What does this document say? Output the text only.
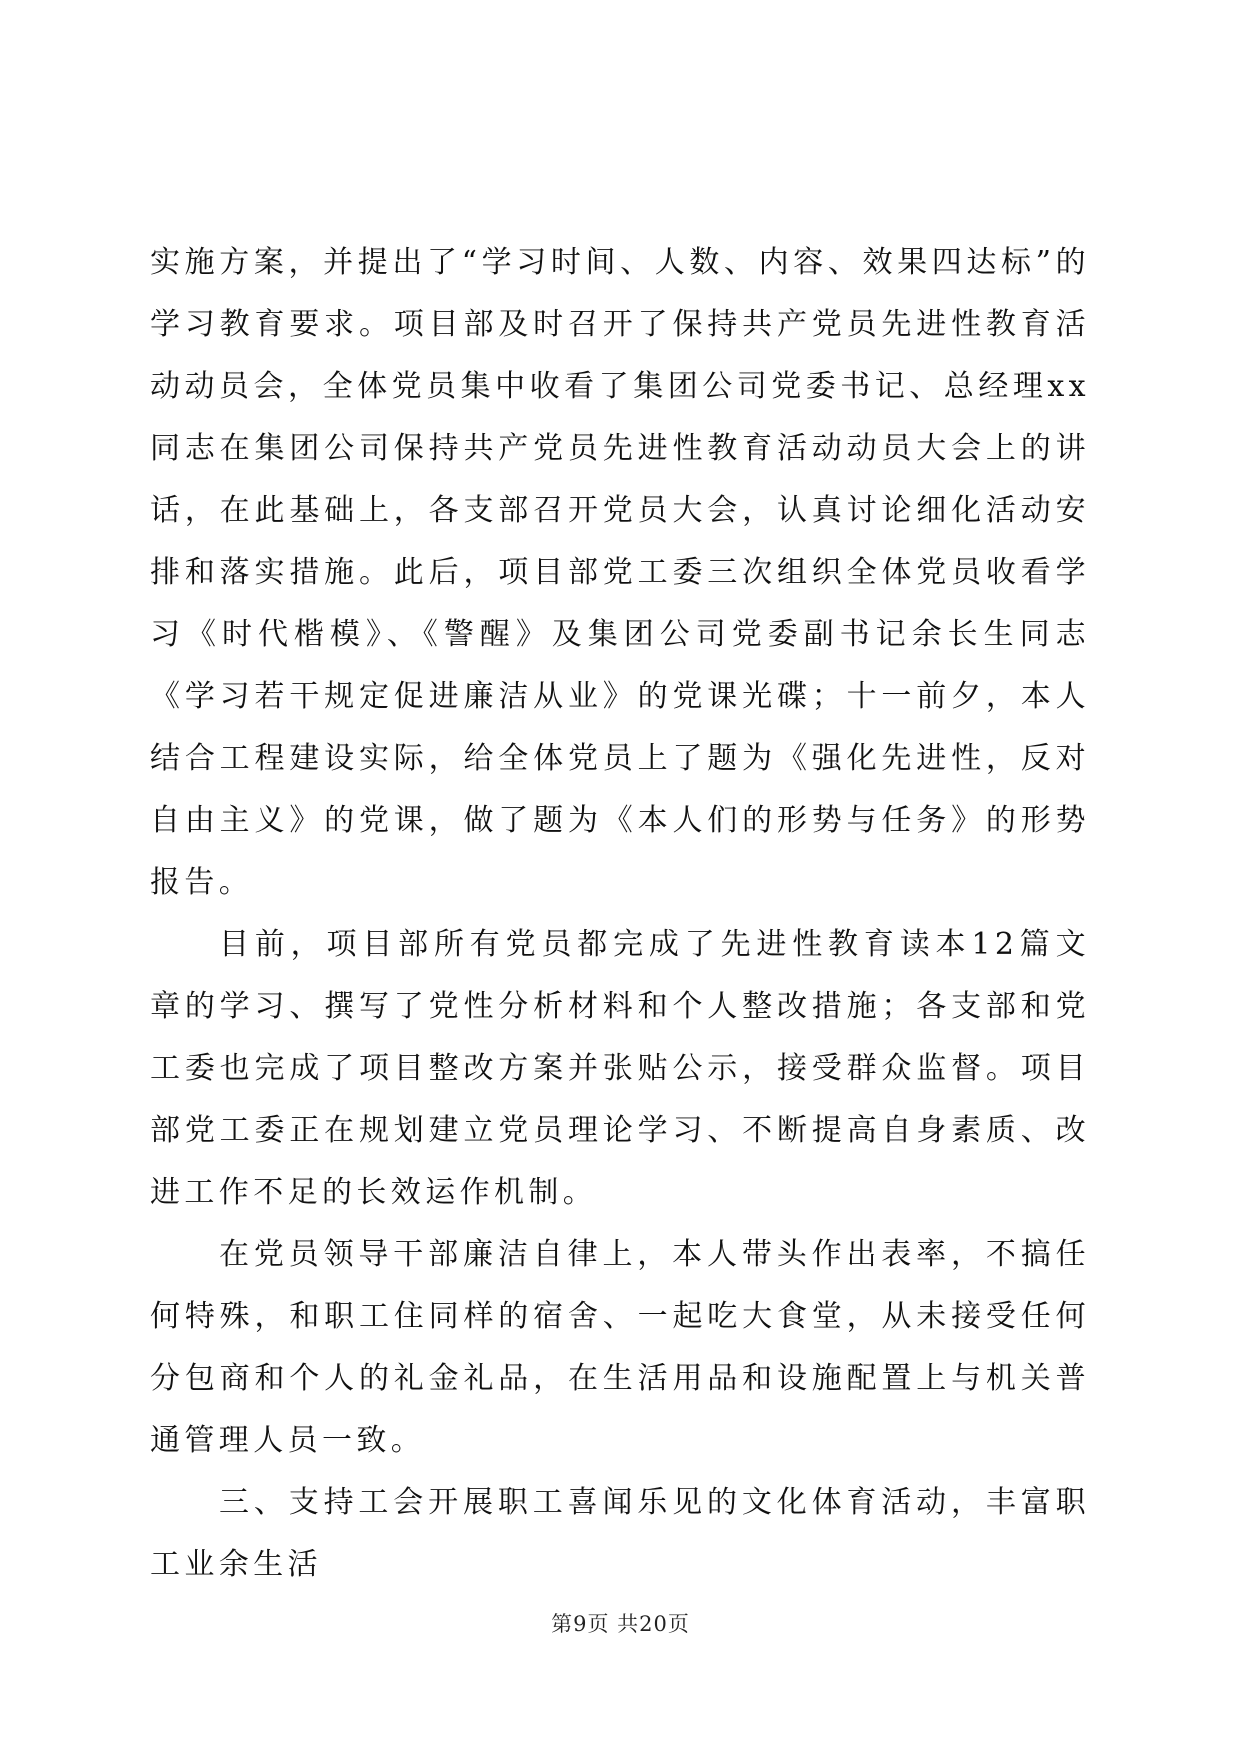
实施方案，并提出了“学习时间、人数、内容、效果四达标”的学习教育要求。项目部及时召开了保持共产党员先进性教育活动动员会，全体党员集中收看了集团公司党委书记、总经理xx同志在集团公司保持共产党员先进性教育活动动员大会上的讲话，在此基础上，各支部召开党员大会，认真讨论细化活动安排和落实措施。此后，项目部党工委三次组织全体党员收看学习《时代楷模》、《警醒》及集团公司党委副书记余长生同志《学习若干规定促进廉洁从业》的党课光碟；十一前夕，本人结合工程建设实际，给全体党员上了题为《强化先进性，反对自由主义》的党课，做了题为《本人们的形势与任务》的形势报告。

目前，项目部所有党员都完成了先进性教育读本12篇文章的学习、撰写了党性分析材料和个人整改措施；各支部和党工委也完成了项目整改方案并张贴公示，接受群众监督。项目部党工委正在规划建立党员理论学习、不断提高自身素质、改进工作不足的长效运作机制。

在党员领导干部廉洁自律上，本人带头作出表率，不搞任何特殊，和职工住同样的宿舍、一起吃大食堂，从未接受任何分包商和个人的礼金礼品，在生活用品和设施配置上与机关普通管理人员一致。

三、支持工会开展职工喜闻乐见的文化体育活动，丰富职工业余生活

第9页 共20页
